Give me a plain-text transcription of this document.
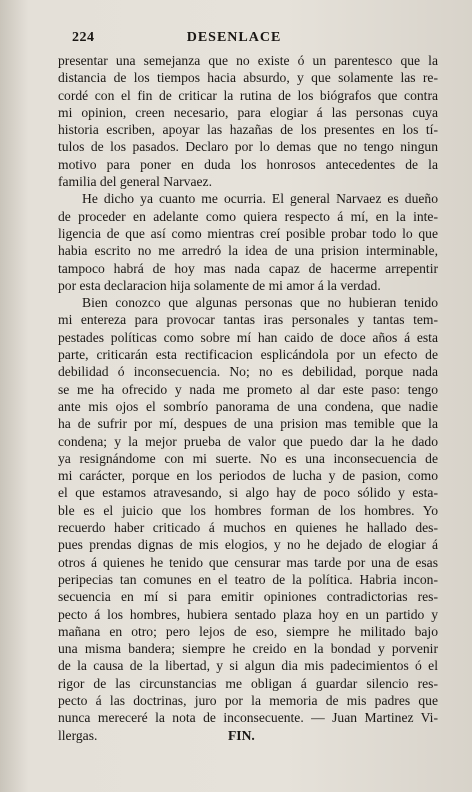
224	DESENLACE
presentar una semejanza que no existe ó un parentesco que la
distancia de los tiempos hacia absurdo, y que solamente las re-
cordé con el fin de criticar la rutina de los biógrafos que contra
mi opinion, creen necesario, para elogiar á las personas cuya
historia escriben, apoyar las hazañas de los presentes en los tí-
tulos de los pasados. Declaro por lo demas que no tengo ningun
motivo para poner en duda los honrosos antecedentes de la
familia del general Narvaez.
He dicho ya cuanto me ocurria. El general Narvaez es dueño
de proceder en adelante como quiera respecto á mí, en la inte-
ligencia de que así como mientras creí posible probar todo lo que
habia escrito no me arredró la idea de una prision interminable,
tampoco habrá de hoy mas nada capaz de hacerme arrepentir
por esta declaracion hija solamente de mi amor á la verdad.
Bien conozco que algunas personas que no hubieran tenido
mi entereza para provocar tantas iras personales y tantas tem-
pestades políticas como sobre mí han caido de doce años á esta
parte, criticarán esta rectificacion esplicándola por un efecto de
debilidad ó inconsecuencia. No; no es debilidad, porque nada
se me ha ofrecido y nada me prometo al dar este paso: tengo
ante mis ojos el sombrío panorama de una condena, que nadie
ha de sufrir por mí, despues de una prision mas temible que la
condena; y la mejor prueba de valor que puedo dar la he dado
ya resignándome con mi suerte. No es una inconsecuencia de
mi carácter, porque en los periodos de lucha y de pasion, como
el que estamos atravesando, si algo hay de poco sólido y esta-
ble es el juicio que los hombres forman de los hombres. Yo
recuerdo haber criticado á muchos en quienes he hallado des-
pues prendas dignas de mis elogios, y no he dejado de elogiar á
otros á quienes he tenido que censurar mas tarde por una de esas
peripecias tan comunes en el teatro de la política. Habria incon-
secuencia en mí si para emitir opiniones contradictorias res-
pecto á los hombres, hubiera sentado plaza hoy en un partido y
mañana en otro; pero lejos de eso, siempre he militado bajo
una misma bandera; siempre he creido en la bondad y porvenir
de la causa de la libertad, y si algun dia mis padecimientos ó el
rigor de las circunstancias me obligan á guardar silencio res-
pecto á las doctrinas, juro por la memoria de mis padres que
nunca mereceré la nota de inconsecuente. — Juan Martinez Vi-
llergas.	FIN.
